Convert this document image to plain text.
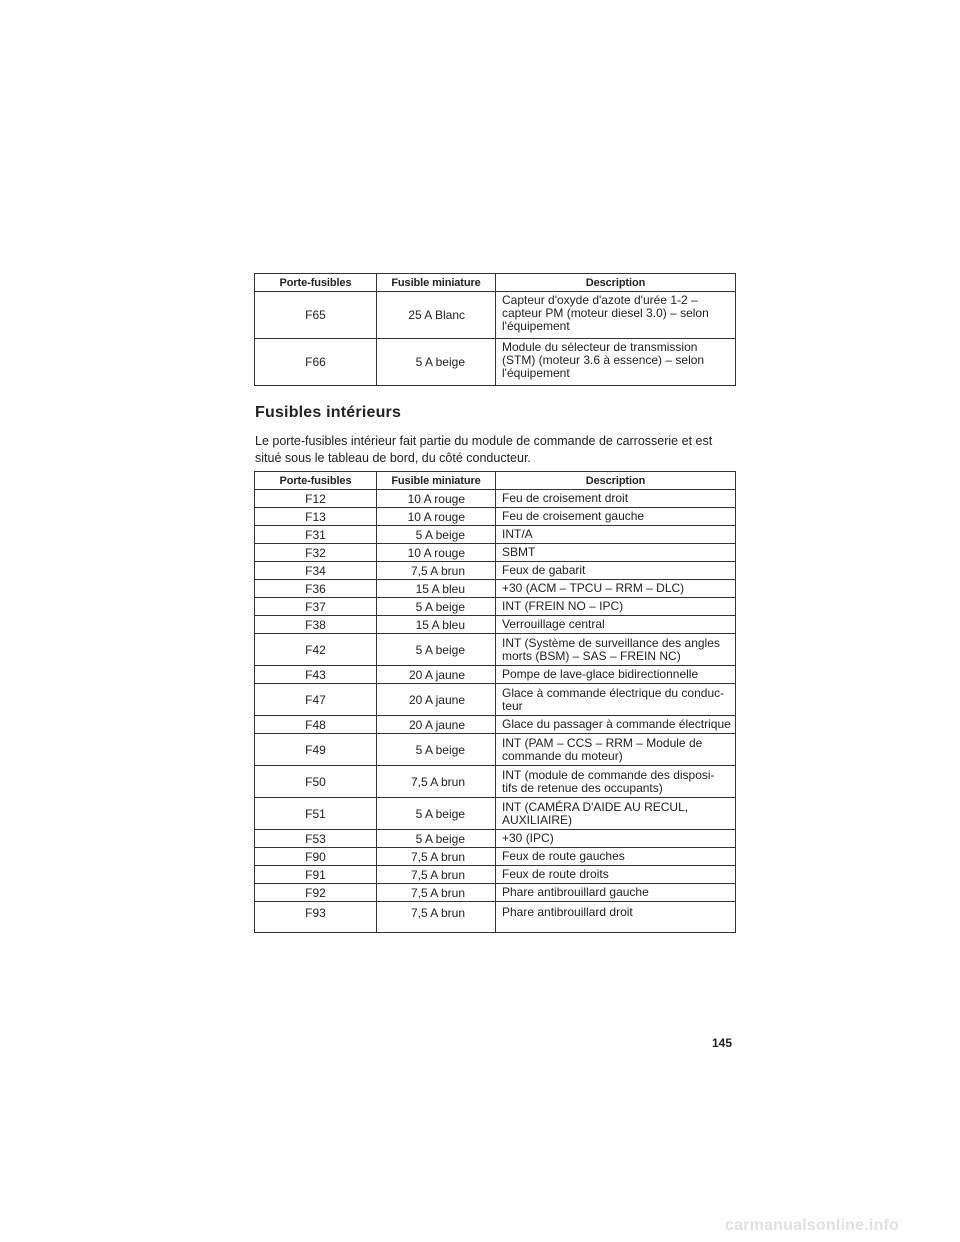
Porte-fusibles	Fusible miniature	Description
F65	25 A Blanc	Capteur d'oxyde d'azote d'urée 1-2 –
capteur PM (moteur diesel 3.0) – selon
l'équipement

F66	5 A beige	Module du sélecteur de transmission
(STM) (moteur 3.6 à essence) – selon
l'équipement
Fusibles intérieurs

Le porte-fusibles intérieur fait partie du module de commande de carrosserie et est situé sous le tableau de bord, du côté conducteur.

Porte-fusibles	Fusible miniature	Description
F12	10 A rouge	Feu de croisement droit

F13	10 A rouge	Feu de croisement gauche

F31	5 A beige	INT/A

F32	10 A rouge	SBMT

F34	7,5 A brun	Feux de gabarit

F36	15 A bleu	+30 (ACM – TPCU – RRM – DLC)

F37	5 A beige	INT (FREIN NO – IPC)

F38	15 A bleu	Verrouillage central

F42	5 A beige	INT (Système de surveillance des angles
morts (BSM) – SAS – FREIN NC)

F43	20 A jaune	Pompe de lave-glace bidirectionnelle

F47	20 A jaune	Glace à commande électrique du conduc-
teur

F48	20 A jaune	Glace du passager à commande électrique

F49	5 A beige	INT (PAM – CCS – RRM – Module de
commande du moteur)

F50	7,5 A brun	INT (module de commande des disposi-
tifs de retenue des occupants)

F51	5 A beige	INT (CAMÉRA D'AIDE AU RECUL,
AUXILIAIRE)

F53	5 A beige	+30 (IPC)

F90	7,5 A brun	Feux de route gauches

F91	7,5 A brun	Feux de route droits

F92	7,5 A brun	Phare antibrouillard gauche

F93	7,5 A brun	Phare antibrouillard droit
145
carmanualsonline.info
